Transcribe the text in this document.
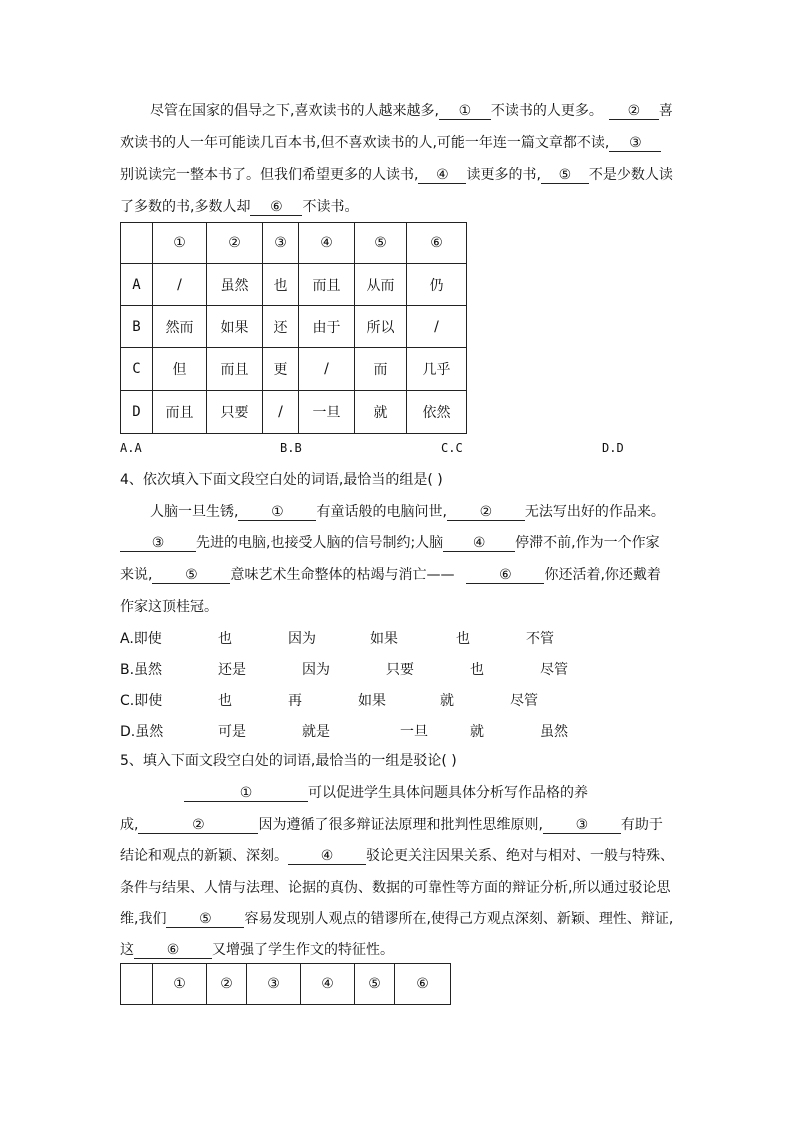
尽管在国家的倡导之下,喜欢读书的人越来越多, ① 不读书的人更多。 ② 喜
欢读书的人一年可能读几百本书,但不喜欢读书的人,可能一年连一篇文章都不读, ③
别说读完一整本书了。但我们希望更多的人读书, ④ 读更多的书, ⑤ 不是少数人读
了多数的书,多数人却 ⑥ 不读书。
	①	②	③	④	⑤	⑥
A	/	虽然	也	而且	从而	仍
B	然而	如果	还	由于	所以	/
C	但	而且	更	/	而	几乎
D	而且	只要	/	一旦	就	依然
A.A	B.B	C.C	D.D
4、依次填入下面文段空白处的词语,最恰当的组是( )
人脑一旦生锈, ① 有童话般的电脑问世, ② 无法写出好的作品来。
③ 先进的电脑,也接受人脑的信号制约;人脑 ④ 停滞不前,作为一个作家
来说, ⑤ 意味艺术生命整体的枯竭与消亡——	⑥ 你还活着,你还戴着
作家这顶桂冠。
A.即使	也	因为	如果	也	不管
B.虽然	还是	因为	只要	也	尽管
C.即使	也	再	如果	就	尽管
D.虽然	可是	就是	一旦	就	虽然
5、填入下面文段空白处的词语,最恰当的一组是驳论( )
①	可以促进学生具体问题具体分析写作品格的养
成,	②	因为遵循了很多辩证法原理和批判性思维原则, ③ 有助于
结论和观点的新颖、深刻。 ④ 驳论更关注因果关系、绝对与相对、一般与特殊、
条件与结果、人情与法理、论据的真伪、数据的可靠性等方面的辩证分析,所以通过驳论思
维,我们 ⑤ 容易发现别人观点的错谬所在,使得己方观点深刻、新颖、理性、辩证,
这 ⑥ 又增强了学生作文的特征性。
	①	②	③	④	⑤	⑥
